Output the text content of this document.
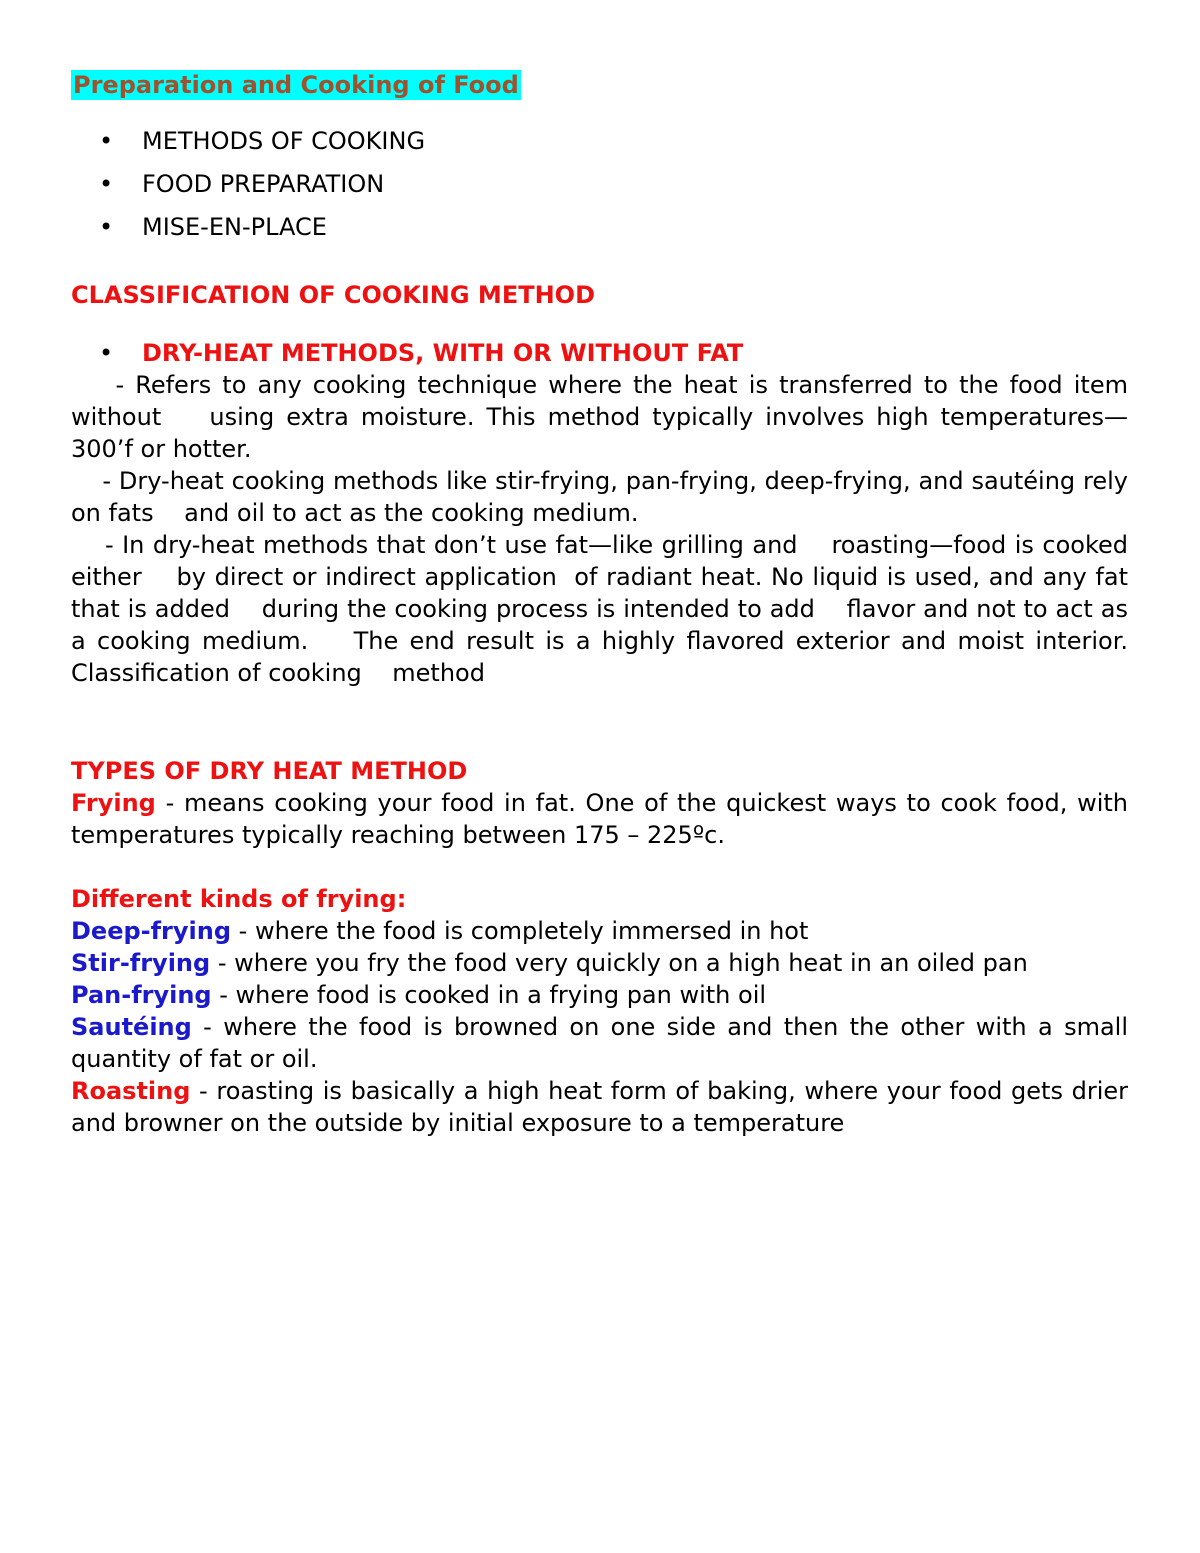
Preparation and Cooking of Food
• METHODS OF COOKING
• FOOD PREPARATION
• MISE-EN-PLACE
CLASSIFICATION OF COOKING METHOD
• DRY-HEAT METHODS, WITH OR WITHOUT FAT

- Refers to any cooking technique where the heat is transferred to the food item without    using extra moisture. This method typically involves high temperatures—300’f or hotter.

- Dry-heat cooking methods like stir-frying, pan-frying, deep-frying, and sautéing rely on fats    and oil to act as the cooking medium.

- In dry-heat methods that don’t use fat—like grilling and    roasting—food is cooked either    by direct or indirect application  of radiant heat. No liquid is used, and any fat that is added    during the cooking process is intended to add    flavor and not to act as a cooking medium.    The end result is a highly flavored exterior and moist interior. Classification of cooking    method

TYPES OF DRY HEAT METHOD

Frying - means cooking your food in fat. One of the quickest ways to cook food, with temperatures typically reaching between 175 – 225ºc.

Different kinds of frying:

Deep-frying - where the food is completely immersed in hot

Stir-frying - where you fry the food very quickly on a high heat in an oiled pan

Pan-frying - where food is cooked in a frying pan with oil

Sautéing - where the food is browned on one side and then the other with a small quantity of fat or oil.

Roasting - roasting is basically a high heat form of baking, where your food gets drier and browner on the outside by initial exposure to a temperature
